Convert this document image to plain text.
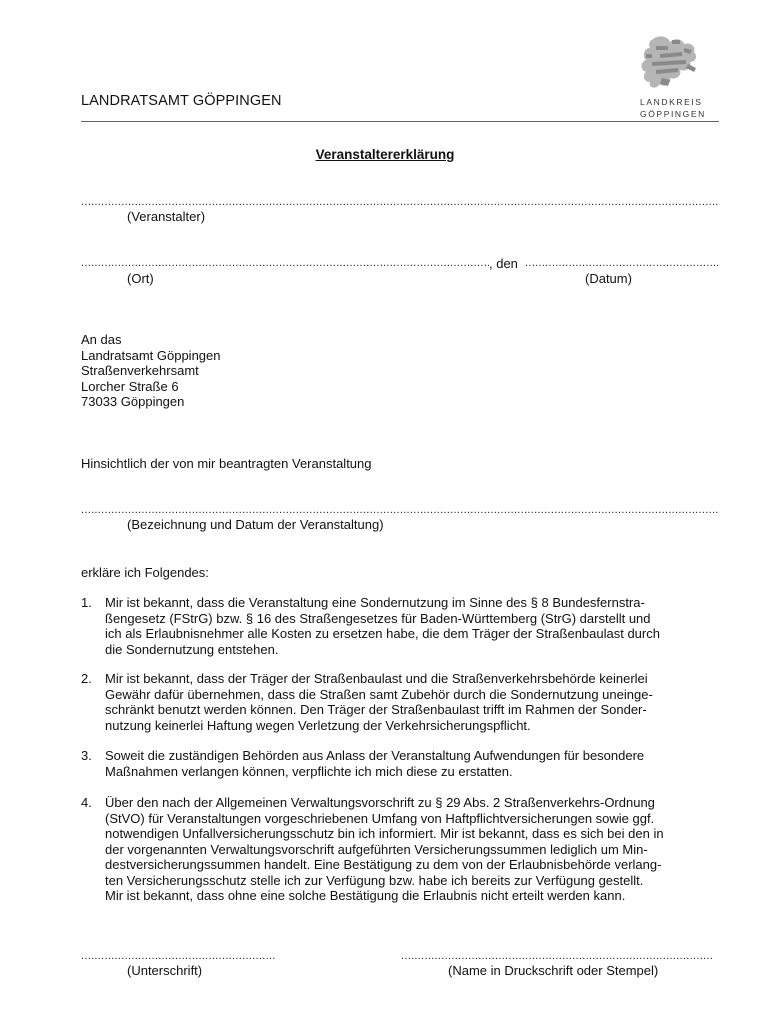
LANDRATSAMT GÖPPINGEN	LANDKREIS
GÖPPINGEN
Veranstaltererklärung
.....
(Veranstalter)
.....
, den
.....
(Ort)	(Datum)
An das
Landratsamt Göppingen
Straßenverkehrsamt
Lorcher Straße 6
73033 Göppingen
Hinsichtlich der von mir beantragten Veranstaltung
.....
(Bezeichnung und Datum der Veranstaltung)
erkläre ich Folgendes:
1. Mir ist bekannt, dass die Veranstaltung eine Sondernutzung im Sinne des § 8 Bundesfernstra-
ßengesetz (FStrG) bzw. § 16 des Straßengesetzes für Baden-Württemberg (StrG) darstellt und
ich als Erlaubnisnehmer alle Kosten zu ersetzen habe, die dem Träger der Straßenbaulast durch
die Sondernutzung entstehen.
2. Mir ist bekannt, dass der Träger der Straßenbaulast und die Straßenverkehrsbehörde keinerlei
Gewähr dafür übernehmen, dass die Straßen samt Zubehör durch die Sondernutzung uneinge-
schränkt benutzt werden können. Den Träger der Straßenbaulast trifft im Rahmen der Sonder-
nutzung keinerlei Haftung wegen Verletzung der Verkehrsicherungspflicht.
3. Soweit die zuständigen Behörden aus Anlass der Veranstaltung Aufwendungen für besondere
Maßnahmen verlangen können, verpflichte ich mich diese zu erstatten.
4. Über den nach der Allgemeinen Verwaltungsvorschrift zu § 29 Abs. 2 Straßenverkehrs-Ordnung
(StVO) für Veranstaltungen vorgeschriebenen Umfang von Haftpflichtversicherungen sowie ggf.
notwendigen Unfallversicherungsschutz bin ich informiert. Mir ist bekannt, dass es sich bei den in
der vorgenannten Verwaltungsvorschrift aufgeführten Versicherungssummen lediglich um Min-
destversicherungssummen handelt. Eine Bestätigung zu dem von der Erlaubnisbehörde verlang-
ten Versicherungsschutz stelle ich zur Verfügung bzw. habe ich bereits zur Verfügung gestellt.
Mir ist bekannt, dass ohne eine solche Bestätigung die Erlaubnis nicht erteilt werden kann.
.....
(Unterschrift)
.....	(Name in Druckschrift oder Stempel)
